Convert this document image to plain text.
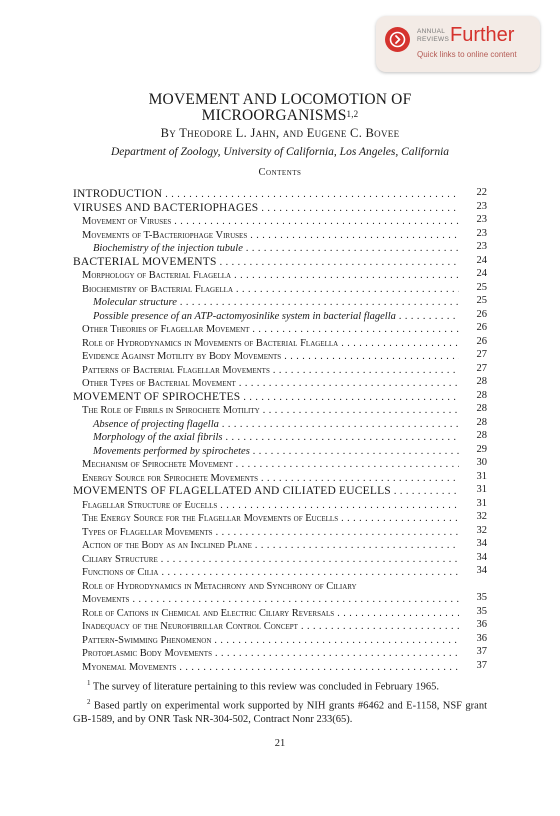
ANNUAL
REVIEWS Further
Quick links to online content
MOVEMENT AND LOCOMOTION OF
MICROORGANISMS$^{1,2}$
By Theodore L. Jahn, and Eugene C. Bovee
Department of Zoology, University of California, Los Angeles, California
Contents
INTRODUCTION . . .	22
VIRUSES AND BACTERIOPHAGES . . .	23
Movement of Viruses . . .	23
Movements of T-Bacteriophage Viruses . . .	23
Biochemistry of the injection tubule . . .	23
BACTERIAL MOVEMENTS . . .	24
Morphology of Bacterial Flagella . . .	24
Biochemistry of Bacterial Flagella . . .	25
Molecular structure . . .	25
Possible presence of an ATP-actomyosinlike system in bacterial flagella . . .	26
Other Theories of Flagellar Movement . . .	26
Role of Hydrodynamics in Movements of Bacterial Flagella . . .	26
Evidence Against Motility by Body Movements . . .	27
Patterns of Bacterial Flagellar Movements . . .	27
Other Types of Bacterial Movement . . .	28
MOVEMENT OF SPIROCHETES . . .	28
The Role of Fibrils in Spirochete Motility . . .	28
Absence of projecting flagella . . .	28
Morphology of the axial fibrils . . .	28
Movements performed by spirochetes . . .	29
Mechanism of Spirochete Movement . . .	30
Energy Source for Spirochete Movements . . .	31
MOVEMENTS OF FLAGELLATED AND CILIATED EUCELLS . . .	31
Flagellar Structure of Eucells . . .	31
The Energy Source for the Flagellar Movements of Eucells . . .	32
Types of Flagellar Movements . . .	32
Action of the Body as an Inclined Plane . . .	34
Ciliary Structure . . .	34
Functions of Cilia . . .	34
Role of Hydrodynamics in Metachrony and Synchrony of Ciliary
Movements . . .	35
Role of Cations in Chemical and Electric Ciliary Reversals . . .	35
Inadequacy of the Neurofibrillar Control Concept . . .	36
Pattern-Swimming Phenomenon . . .	36
Protoplasmic Body Movements . . .	37
Myonemal Movements . . .	37
$^1$ The survey of literature pertaining to this review was concluded in February 1965.
$^2$ Based partly on experimental work supported by NIH grants #6462 and E-1158, NSF grant GB-1589, and by ONR Task NR-304-502, Contract Nonr 233(65).
21
